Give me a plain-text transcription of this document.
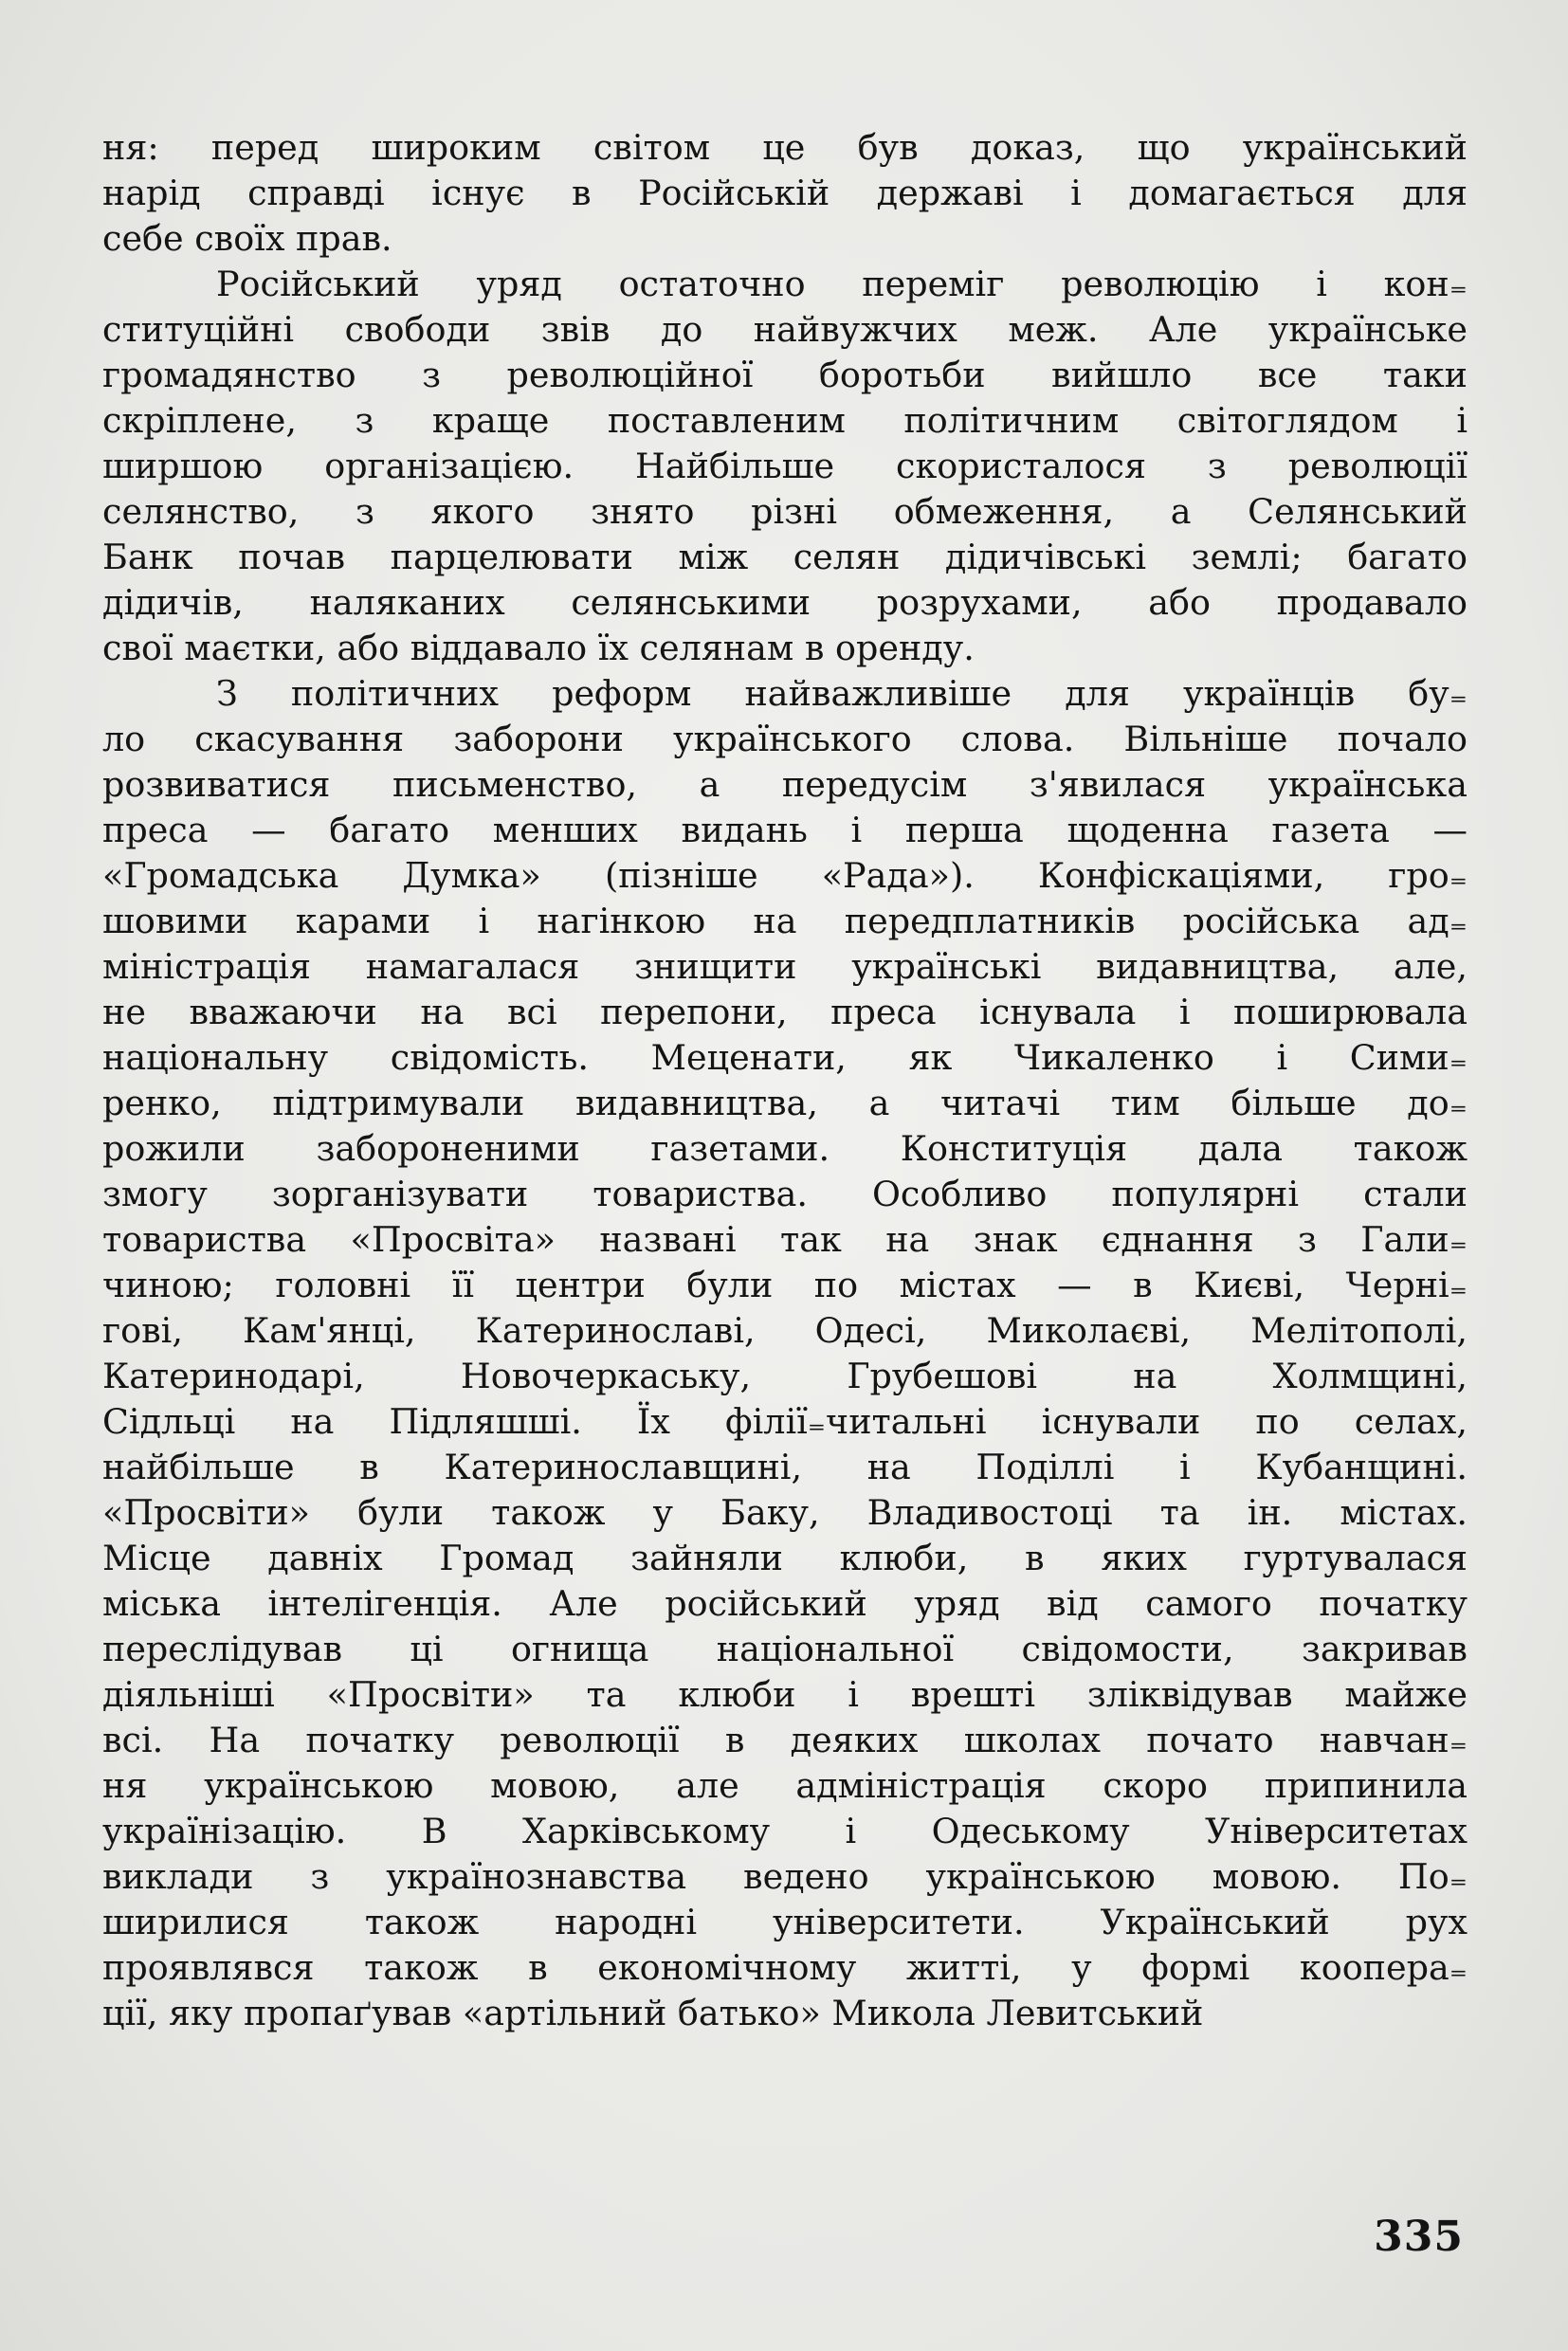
ня: перед широким світом це був доказ, що український
нарід справді існує в Російській державі і домагається для
себе своїх прав.

Російський уряд остаточно переміг революцію і кон₌
ституційні свободи звів до найвужчих меж. Але українське
громадянство з революційної боротьби вийшло все таки
скріплене, з краще поставленим політичним світоглядом і
ширшою організацією. Найбільше скористалося з революції
селянство, з якого знято різні обмеження, а Селянський
Банк почав парцелювати між селян дідичівські землі; багато
дідичів, наляканих селянськими розрухами, або продавало
свої маєтки, або віддавало їх селянам в оренду.

З політичних реформ найважливіше для українців бу₌
ло скасування заборони українського слова. Вільніше почало
розвиватися письменство, а передусім з'явилася українська
преса — багато менших видань і перша щоденна газета —
«Громадська Думка» (пізніше «Рада»). Конфіскаціями, гро₌
шовими карами і нагінкою на передплатників російська ад₌
міністрація намагалася знищити українські видавництва, але,
не вважаючи на всі перепони, преса існувала і поширювала
національну свідомість. Меценати, як Чикаленко і Сими₌
ренко, підтримували видавництва, а читачі тим більше до₌
рожили забороненими газетами. Конституція дала також
змогу зорганізувати товариства. Особливо популярні стали
товариства «Просвіта» названі так на знак єднання з Гали₌
чиною; головні її центри були по містах — в Києві, Черні₌
гові, Кам'янці, Катеринославі, Одесі, Миколаєві, Мелітополі,
Катеринодарі, Новочеркаську, Грубешові на Холмщині,
Сідльці на Підляшші. Їх філії₌читальні існували по селах,
найбільше в Катеринославщині, на Поділлі і Кубанщині.
«Просвіти» були також у Баку, Владивостоці та ін. містах.
Місце давніх Громад зайняли клюби, в яких гуртувалася
міська інтелігенція. Але російський уряд від самого початку
переслідував ці огнища національної свідомости, закривав
діяльніші «Просвіти» та клюби і врешті зліквідував майже
всі. На початку революції в деяких школах почато навчан₌
ня українською мовою, але адміністрація скоро припинила
українізацію. В Харківському і Одеському Університетах
виклади з українознавства ведено українською мовою. По₌
ширилися також народні університети. Український рух
проявлявся також в економічному житті, у формі коопера₌
ції, яку пропаґував «артільний батько» Микола Левитський

335
